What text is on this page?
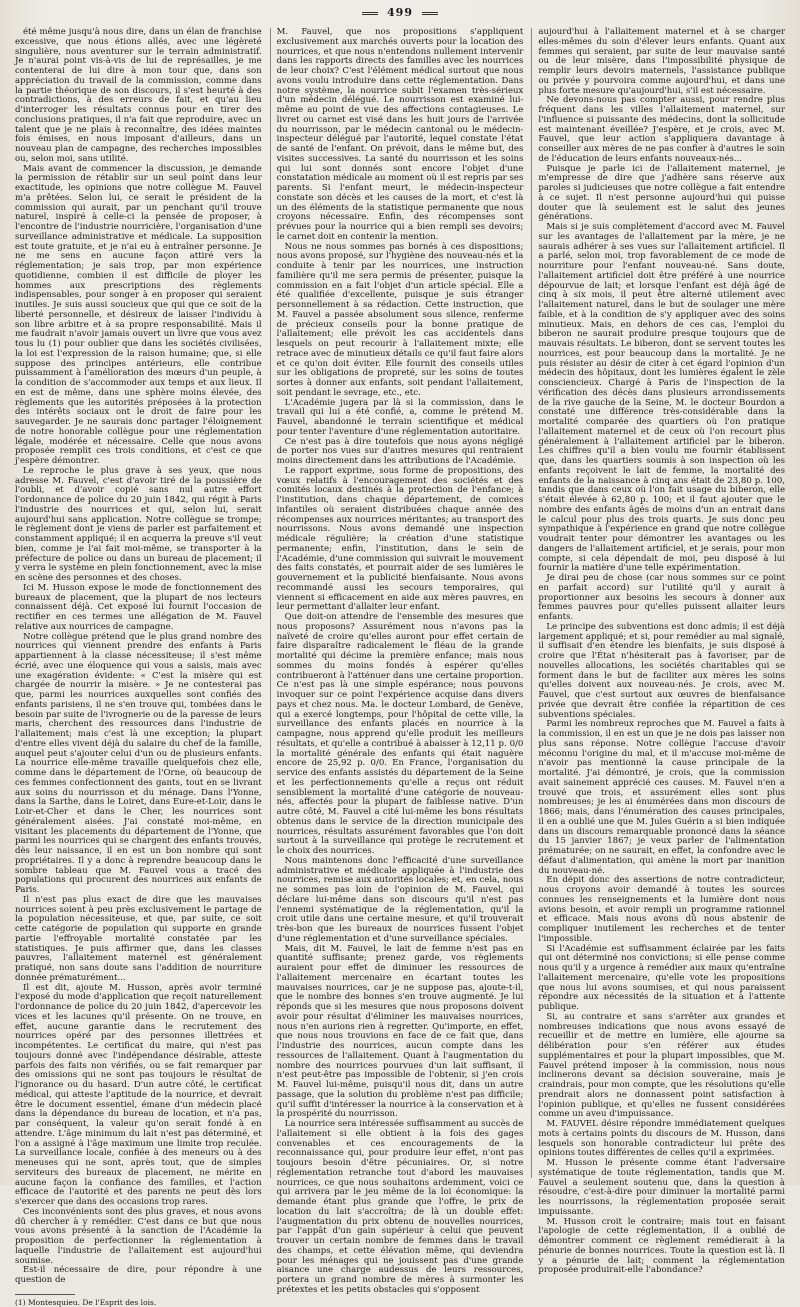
499

été même jusqu'à nous dire, dans un élan de franchise excessive, que nous étions allés, avec une légèreté singulière, nous aventurer sur le terrain administratif. Je n'aurai point vis-à-vis de lui de représailles, je me contenterai de lui dire à mon tour que, dans son appréciation du travail de la commission, comme dans la partie théorique de son discours, il s'est heurté à des contradictions, à des erreurs de fait, et qu'au lieu d'interroger les résultats connus pour en tirer des conclusions pratiques, il n'a fait que reproduire, avec un talent que je ne plais à reconnaître, des idées maintes fois émises, en nous imposant d'ailleurs, dans un nouveau plan de campagne, des recherches impossibles ou, selon moi, sans utilité.

Mais avant de commencer la discussion, je demande la permission de rétablir sur un seul point dans leur exactitude, les opinions que notre collègue M. Fauvel m'a prêtées. Selon lui, ce serait le président de la commission qui aurait, par un penchant qu'il trouve naturel, inspiré à celle-ci la pensée de proposer, à l'encontre de l'industrie nourricière, l'organisation d'une surveillance administrative et médicale. La supposition est toute gratuite, et je n'ai eu à entraîner personne. Je ne me sens en aucune façon attiré vers la réglementation; je sais trop, par mon expérience quotidienne, combien il est difficile de ployer les hommes aux prescriptions des règlements indispensables, pour songer à en proposer qui seraient inutiles. Je suis aussi soucieux que qui que ce soit de la liberté personnelle, et désireux de laisser l'individu à son libre arbitre et à sa propre responsabilité. Mais il me faudrait n'avoir jamais ouvert un livre que vous avez tous lu (1) pour oublier que dans les sociétés civilisées, la loi est l'expression de la raison humaine; que, si elle suppose des principes antérieurs, elle contribue puissamment à l'amélioration des mœurs d'un peuple, à la condition de s'accommoder aux temps et aux lieux. Il en est de même, dans une sphère moins élevée, des règlements que les autorités préposées à la protection des intérêts sociaux ont le droit de faire pour les sauvegarder. Je ne saurais donc partager l'éloignement de notre honorable collègue pour une réglementation légale, modérée et nécessaire. Celle que nous avons proposée remplit ces trois conditions, et c'est ce que j'espère démontrer.

Le reproche le plus grave à ses yeux, que nous adresse M. Fauvel, c'est d'avoir tiré de la poussière de l'oubli, et d'avoir copié sans nul autre effort l'ordonnance de police du 20 juin 1842, qui régit à Paris l'industrie des nourrices et qui, selon lui, serait aujourd'hui sans application. Notre collègue se trompe; le règlement dont je viens de parler est parfaitement et constamment appliqué; il en acquerra la preuve s'il veut bien, comme je l'ai fait moi-même, se transporter à la préfecture de police ou dans un bureau de placement; il y verra le système en plein fonctionnement, avec la mise en scène des personnes et des choses.

Ici M. Husson expose le mode de fonctionnement des bureaux de placement, que la plupart de nos lecteurs connaissent déjà. Cet exposé lui fournit l'occasion de rectifier en ces termes une allégation de M. Fauvel relative aux nourrices de campagne.

Notre collègue prétend que le plus grand nombre des nourrices qui viennent prendre des enfants à Paris appartiennent à la classe nécessiteuse; il s'est même écrié, avec une éloquence qui vous a saisis, mais avec une exagération évidente: « C'est la misère qui est chargée de nourrir la misère. » Je ne contesterai pas que, parmi les nourrices auxquelles sont confiés des enfants parisiens, il ne s'en trouve qui, tombées dans le besoin par suite de l'ivrognerie ou de la paresse de leurs maris, cherchent des ressources dans l'industrie de l'allaitement; mais c'est là une exception; la plupart d'entre elles vivent déjà du salaire du chef de la famille, auquel peut s'ajouter celui d'un ou de plusieurs enfants. La nourrice elle-même travaille quelquefois chez elle, comme dans le département de l'Orne, où beaucoup de ces femmes confectionnent des gants, tout en se livrant aux soins du nourrisson et du ménage. Dans l'Yonne, dans la Sarthe, dans le Loiret, dans Eure-et-Loir, dans le Loir-et-Cher et dans le Cher, les nourrices sont généralement aisées. J'ai constaté moi-même, en visitant les placements du département de l'Yonne, que parmi les nourrices qui se chargent des enfants trouvés, dès leur naissance, il en est un bon nombre qui sont propriétaires. Il y a donc à reprendre beaucoup dans le sombre tableau que M. Fauvel vous a tracé des populations qui procurent des nourrices aux enfants de Paris.

Il n'est pas plus exact de dire que les mauvaises nourrices soient à peu près exclusivement le partage de la population nécessiteuse, et que, par suite, ce soit cette catégorie de population qui supporte en grande partie l'effroyable mortalité constatée par les statistiques. Je puis affirmer que, dans les classes pauvres, l'allaitement maternel est généralement pratiqué, non sans doute sans l'addition de nourriture donnée prématurément...

Il est dit, ajoute M. Husson, après avoir terminé l'exposé du mode d'application que reçoit naturellement l'ordonnance de police du 20 juin 1842, d'apercevoir les vices et les lacunes qu'il présente. On ne trouve, en effet, aucune garantie dans le recrutement des nourrices opéré par des personnes illettrées et incompétentes. Le certificat du maire, qui n'est pas toujours donné avec l'indépendance désirable, atteste parfois des faits non vérifiés, ou se fait remarquer par des omissions qui ne sont pas toujours le résultat de l'ignorance ou du hasard. D'un autre côté, le certificat médical, qui atteste l'aptitude de la nourrice, et devrait être le document essentiel, émane d'un médecin placé dans la dépendance du bureau de location, et n'a pas, par conséquent, la valeur qu'on serait fondé à en attendre. L'âge minimum du lait n'est pas déterminé, et l'on a assigné à l'âge maximum une limite trop reculée. La surveillance locale, confiée à des meneurs ou à des meneuses qui ne sont, après tout, que de simples serviteurs des bureaux de placement, ne mérite en aucune façon la confiance des familles, et l'action efficace de l'autorité et des parents ne peut dès lors s'exercer que dans des occasions trop rares.

Ces inconvénients sont des plus graves, et nous avons dû chercher à y remédier. C'est dans ce but que nous vous avons présenté à la sanction de l'Académie la proposition de perfectionner la réglementation à laquelle l'industrie de l'allaitement est aujourd'hui soumise.

Est-il nécessaire de dire, pour répondre à une question de

(1) Montesquieu. De l'Esprit des lois.

M. Fauvel, que nos propositions s'appliquent exclusivement aux marchés ouverts pour la location des nourrices, et que nous n'entendons nullement intervenir dans les rapports directs des familles avec les nourrices de leur choix? C'est l'élément médical surtout que nous avons voulu introduire dans cette réglementation. Dans notre système, la nourrice subit l'examen très-sérieux d'un médecin délégué. Le nourrisson est examiné lui-même au point de vue des affections contagieuses. Le livret ou carnet est visé dans les huit jours de l'arrivée du nourrisson, par le médecin cantonal ou le médecin-inspecteur délégué par l'autorité, lequel constate l'état de santé de l'enfant. On prévoit, dans le même but, des visites successives. La santé du nourrisson et les soins qui lui sont donnés sont encore l'objet d'une constatation médicale au moment où il est repris par ses parents. Si l'enfant meurt, le médecin-inspecteur constate son décès et les causes de la mort, et c'est là un des éléments de la statistique permanente que nous croyons nécessaire. Enfin, des récompenses sont prévues pour la nourrice qui a bien rempli ses devoirs; le carnet doit en contenir la mention.

Nous ne nous sommes pas bornés à ces dispositions; nous avons proposé, sur l'hygiène des nouveau-nés et la conduite à tenir par les nourrices, une instruction familière qu'il me sera permis de présenter, puisque la commission en a fait l'objet d'un article spécial. Elle a été qualifiée d'excellente, puisque je suis étranger personnellement à sa rédaction. Cette instruction, que M. Fauvel a passée absolument sous silence, renferme de précieux conseils pour la bonne pratique de l'allaitement; elle prévoit les cas accidentels dans lesquels on peut recourir à l'allaitement mixte; elle retrace avec de minutieux détails ce qu'il faut faire alors et ce qu'on doit éviter. Elle fournit des conseils utiles sur les obligations de propreté, sur les soins de toutes sortes à donner aux enfants, soit pendant l'allaitement, soit pendant le sevrage, etc., etc.

L'Académie jugera par là si la commission, dans le travail qui lui a été confié, a, comme le prétend M. Fauvel, abandonné le terrain scientifique et médical pour tenter l'aventure d'une réglementation autoritaire.

Ce n'est pas à dire toutefois que nous ayons négligé de porter nos vues sur d'autres mesures qui rentraient moins directement dans les attributions de l'Académie.

Le rapport exprime, sous forme de propositions, des vœux relatifs à l'encouragement des sociétés et des comités locaux destinés à la protection de l'enfance; à l'institution, dans chaque département, de comices infantiles où seraient distribuées chaque année des récompenses aux nourrices méritantes; au transport des nourrissons. Nous avons demandé une inspection médicale régulière; la création d'une statistique permanente; enfin, l'institution, dans le sein de l'Académie, d'une commission qui suivrait le mouvement des faits constatés, et pourrait aider de ses lumières le gouvernement et la publicité bienfaisante. Nous avons recommandé aussi les secours temporaires, qui viennent si efficacement en aide aux mères pauvres, en leur permettant d'allaiter leur enfant.

Que doit-on attendre de l'ensemble des mesures que nous proposons? Assurément nous n'avons pas la naïveté de croire qu'elles auront pour effet certain de faire disparaître radicalement le fléau de la grande mortalité qui décime la première enfance; mais nous sommes du moins fondés à espérer qu'elles contribueront à l'atténuer dans une certaine proportion. Ce n'est pas là une simple espérance; nous pouvons invoquer sur ce point l'expérience acquise dans divers pays et chez nous. Ma. le docteur Lombard, de Genève, qui a exercé longtemps, pour l'hôpital de cette ville, la surveillance des enfants placés en nourrice à la campagne, nous apprend qu'elle produit les meilleurs résultats, et qu'elle a contribué à abaisser à 12,11 p. 0/0 la mortalité générale des enfants qui était naguère encore de 25,92 p. 0/0. En France, l'organisation du service des enfants assistés du département de la Seine et les perfectionnements qu'elle a reçus ont réduit sensiblement la mortalité d'une catégorie de nouveau-nés, affectés pour la plupart de faiblesse native. D'un autre côté, M. Fauvel a cité lui-même les bons résultats obtenus dans le service de la direction municipale des nourrices, résultats assurément favorables que l'on doit surtout à la surveillance qui protège le recrutement et le choix des nourrices.

Nous maintenons donc l'efficacité d'une surveillance administrative et médicale appliquée à l'industrie des nourrices, remise aux autorités locales; et, en cela, nous ne sommes pas loin de l'opinion de M. Fauvel, qui déclare lui-même dans son discours qu'il n'est pas l'ennemi systématique de la réglementation, qu'il la croit utile dans une certaine mesure, et qu'il trouverait très-bon que les bureaux de nourrices fussent l'objet d'une réglementation et d'une surveillance spéciales.

Mais, dit M. Fauvel, le lait de femme n'est pas en quantité suffisante; prenez garde, vos règlements auraient pour effet de diminuer les ressources de l'allaitement mercenaire en écartant toutes les mauvaises nourrices, car je ne suppose pas, ajoute-t-il, que le nombre des bonnes s'en trouve augmenté. Je lui réponds que si les mesures que nous proposons doivent avoir pour résultat d'éliminer les mauvaises nourrices, nous n'en aurions rien à regretter. Qu'importe, en effet, que nous nous trouvions en face de ce fait que, dans l'industrie des nourrices, aucun compte dans les ressources de l'allaitement. Quant à l'augmentation du nombre des nourrices pourvues d'un lait suffisant, il n'est peut-être pas impossible de l'obtenir, si j'en crois M. Fauvel lui-même, puisqu'il nous dit, dans un autre passage, que la solution du problème n'est pas difficile; qu'il suffit d'intéresser la nourrice à la conservation et à la prospérité du nourrisson.

La nourrice sera intéressée suffisamment au succès de l'allaitement si elle obtient à la fois des gages convenables et ces encouragements de la reconnaissance qui, pour produire leur effet, n'ont pas toujours besoin d'être pécuniaires. Or, si notre réglementation retranche tout d'abord les mauvaises nourrices, ce que nous souhaitons ardemment, voici ce qui arrivera par le jeu même de la loi économique: la demande étant plus grande que l'offre, le prix de location du lait s'accroîtra; de là un double effet: l'augmentation du prix obtenu de nouvelles nourrices, par l'appât d'un gain supérieur à celui que peuvent trouver un certain nombre de femmes dans le travail des champs, et cette élévation même, qui deviendra pour les ménages qui ne jouissent pas d'une grande aisance une charge audessus de leurs ressources, portera un grand nombre de mères à surmonter les prétextes et les petits obstacles qui s'opposent

aujourd'hui à l'allaitement maternel et à se charger elles-mêmes du soin d'élever leurs enfants. Quant aux femmes qui seraient, par suite de leur mauvaise santé ou de leur misère, dans l'impossibilité physique de remplir leurs devoirs maternels, l'assistance publique ou privée y pourvoira comme aujourd'hui, et dans une plus forte mesure qu'aujourd'hui, s'il est nécessaire.

Ne devons-nous pas compter aussi, pour rendre plus fréquent dans les villes l'allaitement maternel, sur l'influence si puissante des médecins, dont la sollicitude est maintenant éveillée? J'espère, et je crois, avec M. Fauvel, que leur action s'appliquera davantage à conseiller aux mères de ne pas confier à d'autres le soin de l'éducation de leurs enfants nouveaux-nés...

Puisque je parle ici de l'allaitement maternel, je m'empresse de dire que j'adhère sans réserve aux paroles si judicieuses que notre collègue a fait entendre à ce sujet. Il n'est personne aujourd'hui qui puisse douter que là seulement est le salut des jeunes générations.

Mais si je suis complètement d'accord avec M. Fauvel sur les avantages de l'allaitement par la mère, je ne saurais adhérer à ses vues sur l'allaitement artificiel. Il a parlé, selon moi, trop favorablement de ce mode de nourriture pour l'enfant nouveau-né. Sans doute, l'allaitement artificiel doit être préféré à une nourrice dépourvue de lait; et lorsque l'enfant est déjà âgé de cinq à six mois, il peut être alterné utilement avec l'allaitement naturel, dans le but de soulager une mère faible, et à la condition de s'y appliquer avec des soins minutieux. Mais, en dehors de ces cas, l'emploi du biberon ne saurait produire presque toujours que de mauvais résultats. Le biberon, dont se servent toutes les nourrices, est pour beaucoup dans la mortalité. Je ne puis résister au désir de citer à cet égard l'opinion d'un médecin des hôpitaux, dont les lumières égalent le zèle consciencieux. Chargé à Paris de l'inspection de la vérification des décès dans plusieurs arrondissements de la rive gauche de la Seine, M. le docteur Bourdon a constaté une différence très-considérable dans la mortalité comparée des quartiers où l'on pratique l'allaitement maternel et de ceux où l'on recourt plus généralement à l'allaitement artificiel par le biberon. Les chiffres qu'il a bien voulu me fournir établissent que, dans les quartiers soumis à son inspection où les enfants reçoivent le lait de femme, la mortalité des enfants de la naissance à cinq ans était de 23,80 p. 100, tandis que dans ceux où l'on fait usage du biberon, elle s'était élevée à 62,80 p. 100; et il faut ajouter que le nombre des enfants âgés de moins d'un an entrait dans le calcul pour plus des trois quarts. Je suis donc peu sympathique à l'expérience en grand que notre collègue voudrait tenter pour démontrer les avantages ou les dangers de l'allaitement artificiel, et je serais, pour mon compte, si cela dépendait de moi, peu disposé à lui fournir la matière d'une telle expérimentation.

Je dirai peu de chose (car nous sommes sur ce point en parfait accord) sur l'utilité qu'il y aurait à proportionner aux besoins les secours à donner aux femmes pauvres pour qu'elles puissent allaiter leurs enfants.

Le principe des subventions est donc admis; il est déjà largement appliqué; et si, pour remédier au mal signalé, il suffisait d'en étendre les bienfaits, je suis disposé à croire que l'État n'hésiterait pas à favoriser, par de nouvelles allocations, les sociétés charitables qui se forment dans le but de faciliter aux mères les soins qu'elles doivent aux nouveau-nés. Je crois, avec M. Fauvel, que c'est surtout aux œuvres de bienfaisance privée que devrait être confiée la répartition de ces subventions spéciales.

Parmi les nombreux reproches que M. Fauvel a faits à la commission, il en est un que je ne dois pas laisser non plus sans réponse. Notre collègue l'accuse d'avoir méconnu l'origine du mal, et il m'accuse moi-même de n'avoir pas mentionné la cause principale de la mortalité. J'ai démontré, je crois, que la commission avait sainement apprécié ces causes. M. Fauvel n'en a trouvé que trois, et assurément elles sont plus nombreuses; je les ai énumérées dans mon discours de 1866; mais, dans l'énumération des causes principales, il en a oublié une que M. Jules Guérin a si bien indiquée dans un discours remarquable prononcé dans la séance du 15 janvier 1867; je veux parler de l'alimentation prématurée; on ne saurait, en effet, la confondre avec le défaut d'alimentation, qui amène la mort par inanition du nouveau-né.

En dépit donc des assertions de notre contradicteur, nous croyons avoir demandé à toutes les sources connues les renseignements et la lumière dont nous avions besoin, et avoir rempli un programme rationnel et efficace. Mais nous avons dû nous abstenir de compliquer inutilement les recherches et de tenter l'impossible.

Si l'Académie est suffisamment éclairée par les faits qui ont déterminé nos convictions; si elle pense comme nous qu'il y a urgence à remédier aux maux qu'entraîne l'allaitement mercenaire, qu'elle vote les propositions que nous lui avons soumises, et qui nous paraissent répondre aux nécessités de la situation et à l'attente publique.

Si, au contraire et sans s'arrêter aux grandes et nombreuses indications que nous avons essayé de recueillir et de mettre en lumière, elle ajourne sa délibération pour s'en référer aux études supplémentaires et pour la plupart impossibles, que M. Fauvel prétend imposer à la commission, nous nous inclinerons devant sa décision souveraine, mais je craindrais, pour mon compte, que les résolutions qu'elle prendrait alors ne donnassent point satisfaction à l'opinion publique, et qu'elles ne fussent considérées comme un aveu d'impuissance.

M. FAUVEL désire répondre immédiatement quelques mots à certains points du discours de M. Husson, dans lesquels son honorable contradicteur lui prête des opinions toutes différentes de celles qu'il a exprimées.

M. Husson le présente comme étant l'adversaire systématique de toute réglementation, tandis que M. Fauvel a seulement soutenu que, dans la question à résoudre, c'est-à-dire pour diminuer la mortalité parmi les nourrissons, la réglementation proposée serait impuissante.

M. Husson croit le contraire; mais tout en faisant l'apologie de cette réglementation, il a oublié de démontrer comment ce règlement remédierait à la pénurie de bonnes nourrices. Toute la question est là. Il y a pénurie de lait; comment la réglementation proposée produirait-elle l'abondance?
